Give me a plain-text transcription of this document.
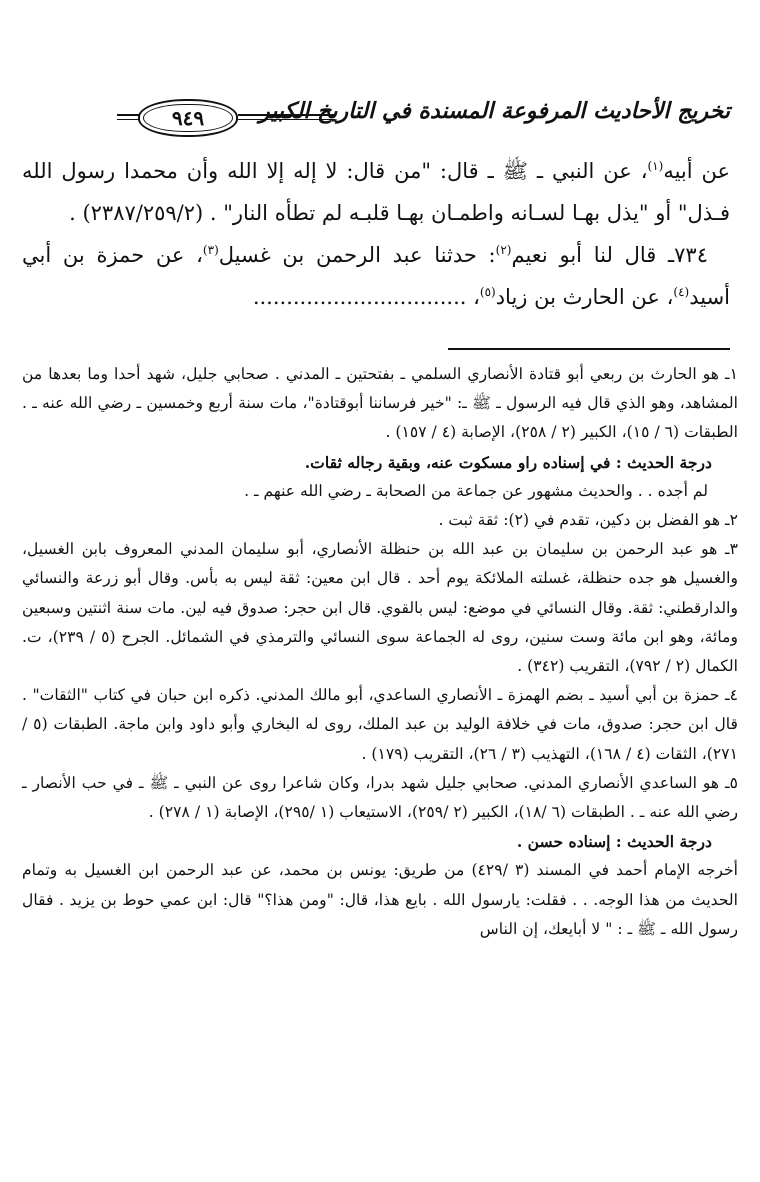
تخريج الأحاديث المرفوعة المسندة في التاريخ الكبير
٩٤٩

عن أبيه$^{(١)}$، عن النبي ـ ﷺ ـ قال: "من قال: لا إله إلا الله وأن محمدا رسول الله فـذل" أو "يذل بهـا لسـانه واطمـان بهـا قلبـه لم تطأه النار" . (٢٣٨٧/٢٥٩/٢) .

٧٣٤ـ قال لنا أبو نعيم$^{(٢)}$: حدثنا عبد الرحمن بن غسيل$^{(٣)}$، عن حمزة بن أبي أسيد$^{(٤)}$، عن الحارث بن زياد$^{(٥)}$، ................................

١ـ هو الحارث بن ربعي أبو قتادة الأنصاري السلمي ـ بفتحتين ـ المدني . صحابي جليل، شهد أحدا وما بعدها من المشاهد، وهو الذي قال فيه الرسول ـ ﷺ ـ: "خير فرساننا أبوقتادة"، مات سنة أربع وخمسين ـ رضي الله عنه ـ . الطبقات (٦ / ١٥)، الكبير (٢ / ٢٥٨)، الإصابة (٤ / ١٥٧) .

درجة الحديث : في إسناده راو مسكوت عنه، وبقية رجاله ثقات.

لم أجده . . والحديث مشهور عن جماعة من الصحابة ـ رضي الله عنهم ـ .

٢ـ هو الفضل بن دكين، تقدم في (٢): ثقة ثبت .

٣ـ هو عبد الرحمن بن سليمان بن عبد الله بن حنظلة الأنصاري، أبو سليمان المدني المعروف بابن الغسيل، والغسيل هو جده حنظلة، غسلته الملائكة يوم أحد . قال ابن معين: ثقة ليس به بأس. وقال أبو زرعة والنسائي والدارقطني: ثقة. وقال النسائي في موضع: ليس بالقوي. قال ابن حجر: صدوق فيه لين. مات سنة اثنتين وسبعين ومائة، وهو ابن مائة وست سنين، روى له الجماعة سوى النسائي والترمذي في الشمائل. الجرح (٥ / ٢٣٩)، ت. الكمال (٢ / ٧٩٢)، التقريب (٣٤٢) .

٤ـ حمزة بن أبي أسيد ـ بضم الهمزة ـ الأنصاري الساعدي، أبو مالك المدني. ذكره ابن حبان في كتاب "الثقات" . قال ابن حجر: صدوق، مات في خلافة الوليد بن عبد الملك، روى له البخاري وأبو داود وابن ماجة. الطبقات (٥ / ٢٧١)، الثقات (٤ / ١٦٨)، التهذيب (٣ / ٢٦)، التقريب (١٧٩) .

٥ـ هو الساعدي الأنصاري المدني. صحابي جليل شهد بدرا، وكان شاعرا روى عن النبي ـ ﷺ ـ في حب الأنصار ـ رضي الله عنه ـ . الطبقات (٦ /١٨)، الكبير (٢ /٢٥٩)، الاستيعاب (١ /٢٩٥)، الإصابة (١ / ٢٧٨) .

درجة الحديث : إسناده حسن .

أخرجه الإمام أحمد في المسند (٣ /٤٢٩) من طريق: يونس بن محمد، عن عبد الرحمن ابن الغسيل به وتمام الحديث من هذا الوجه. . . فقلت: يارسول الله . بايع هذا، قال: "ومن هذا؟" قال: ابن عمي حوط بن يزيد . فقال رسول الله ـ ﷺ ـ : " لا أبايعك، إن الناس
